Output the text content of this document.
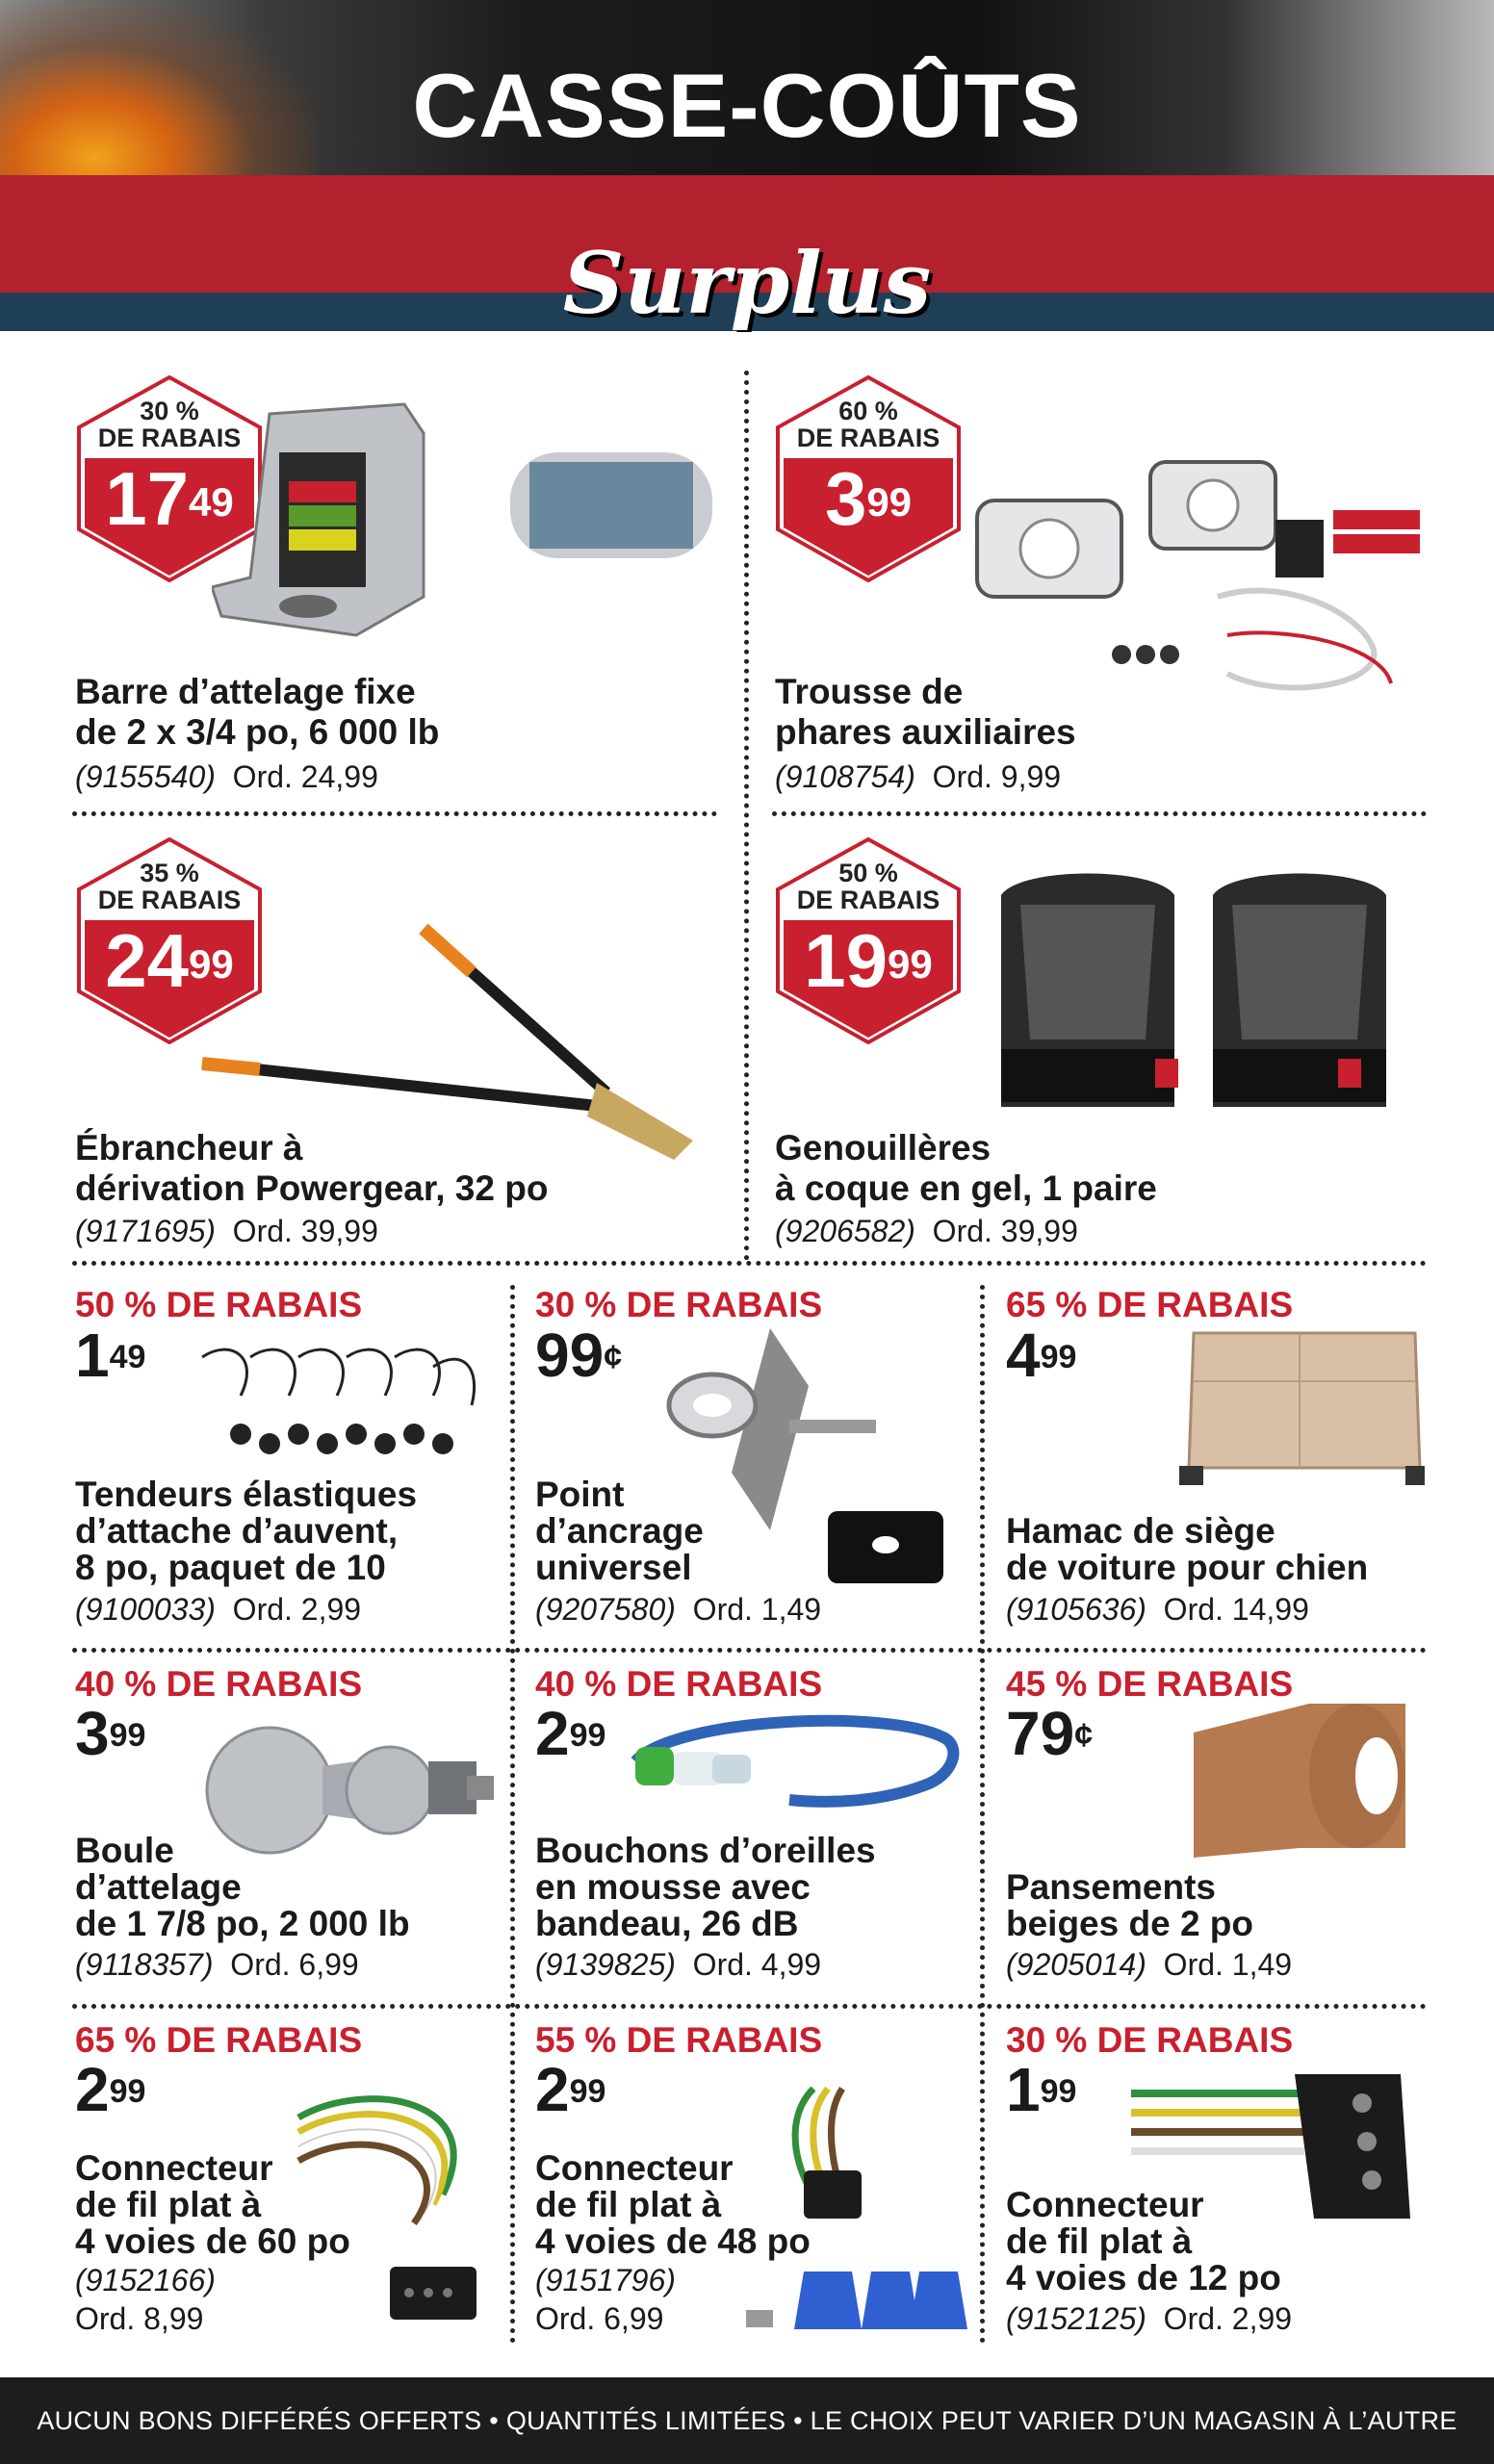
CASSE-COÛTS
Surplus
30 %
DE RABAIS
$17^{49}$
Barre d’attelage fixe
de 2 x 3/4 po, 6 000 lb
(9155540) Ord. 24,99
60 %
DE RABAIS
$3^{99}$
Trousse de
phares auxiliaires
(9108754) Ord. 9,99
35 %
DE RABAIS
$24^{99}$
Ébrancheur à
dérivation Powergear, 32 po
(9171695) Ord. 39,99
50 %
DE RABAIS
$19^{99}$
Genouillères
à coque en gel, 1 paire
(9206582) Ord. 39,99
50 % DE RABAIS
$1^{49}$
Tendeurs élastiques
d’attache d’auvent,
8 po, paquet de 10
(9100033) Ord. 2,99
30 % DE RABAIS
99¢
Point
d’ancrage
universel
(9207580) Ord. 1,49
65 % DE RABAIS
$4^{99}$
Hamac de siège
de voiture pour chien
(9105636) Ord. 14,99
40 % DE RABAIS
$3^{99}$
Boule
d’attelage
de 1 7/8 po, 2 000 lb
(9118357) Ord. 6,99
40 % DE RABAIS
$2^{99}$
Bouchons d’oreilles
en mousse avec
bandeau, 26 dB
(9139825) Ord. 4,99
45 % DE RABAIS
79¢
Pansements
beiges de 2 po
(9205014) Ord. 1,49
65 % DE RABAIS
$2^{99}$
Connecteur
de fil plat à
4 voies de 60 po
(9152166)
Ord. 8,99
55 % DE RABAIS
$2^{99}$
Connecteur
de fil plat à
4 voies de 48 po
(9151796)
Ord. 6,99
30 % DE RABAIS
$1^{99}$
Connecteur
de fil plat à
4 voies de 12 po
(9152125) Ord. 2,99
AUCUN BONS DIFFÉRÉS OFFERTS • QUANTITÉS LIMITÉES • LE CHOIX PEUT VARIER D’UN MAGASIN À L’AUTRE
